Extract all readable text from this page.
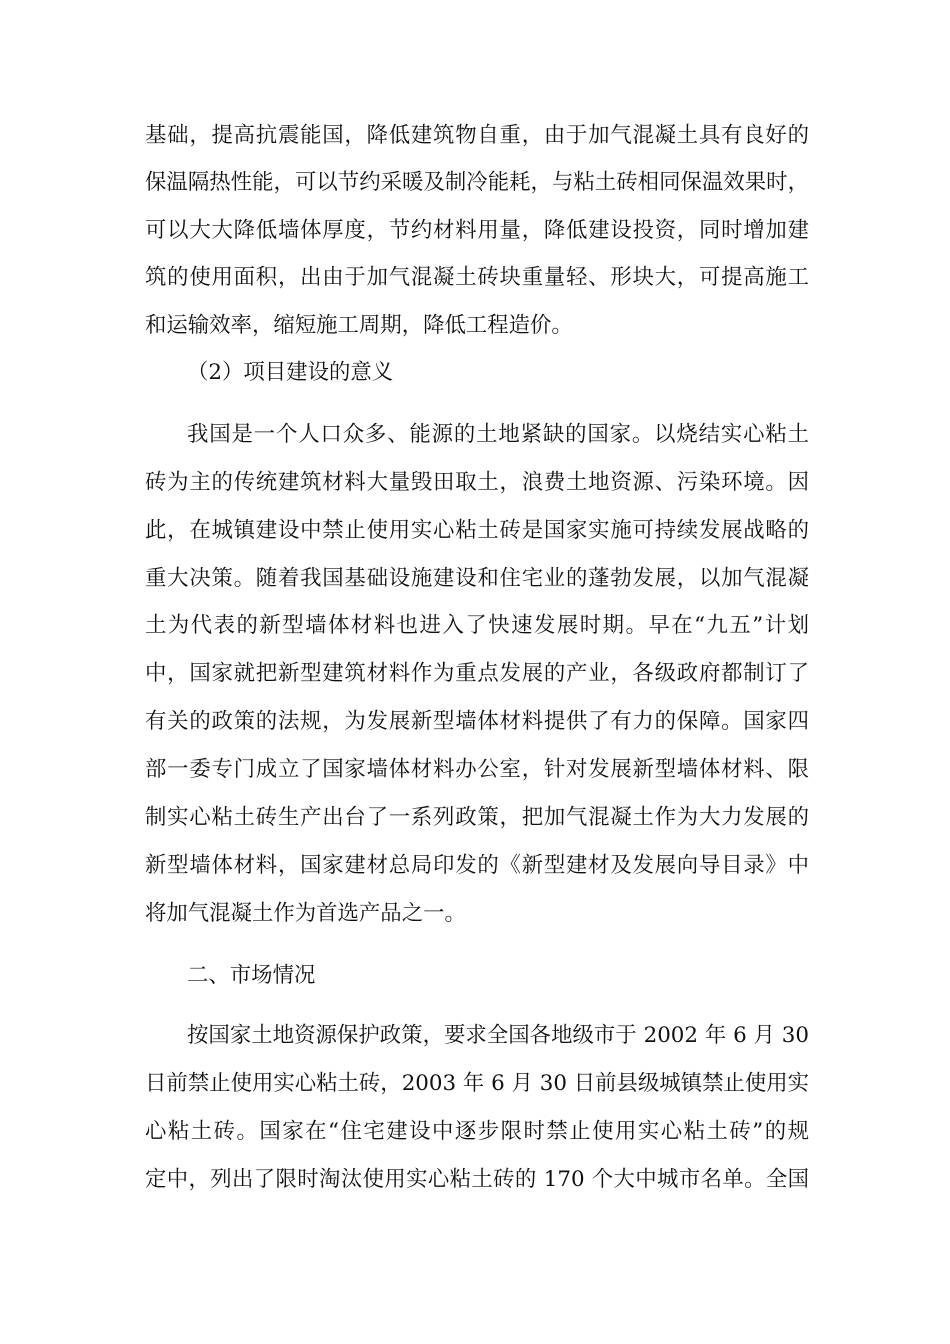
基础，提高抗震能国，降低建筑物自重，由于加气混凝土具有良好的
保温隔热性能，可以节约采暖及制冷能耗，与粘土砖相同保温效果时，
可以大大降低墙体厚度，节约材料用量，降低建设投资，同时增加建
筑的使用面积，出由于加气混凝土砖块重量轻、形块大，可提高施工
和运输效率，缩短施工周期，降低工程造价。
（2）项目建设的意义
我国是一个人口众多、能源的土地紧缺的国家。以烧结实心粘土
砖为主的传统建筑材料大量毁田取土，浪费土地资源、污染环境。因
此，在城镇建设中禁止使用实心粘土砖是国家实施可持续发展战略的
重大决策。随着我国基础设施建设和住宅业的蓬勃发展，以加气混凝
土为代表的新型墙体材料也进入了快速发展时期。早在“九五”计划
中，国家就把新型建筑材料作为重点发展的产业，各级政府都制订了
有关的政策的法规，为发展新型墙体材料提供了有力的保障。国家四
部一委专门成立了国家墙体材料办公室，针对发展新型墙体材料、限
制实心粘土砖生产出台了一系列政策，把加气混凝土作为大力发展的
新型墙体材料，国家建材总局印发的《新型建材及发展向导目录》中
将加气混凝土作为首选产品之一。
二、市场情况
按国家土地资源保护政策，要求全国各地级市于 2002 年 6 月 30
日前禁止使用实心粘土砖，2003 年 6 月 30 日前县级城镇禁止使用实
心粘土砖。国家在“住宅建设中逐步限时禁止使用实心粘土砖”的规
定中，列出了限时淘汰使用实心粘土砖的 170 个大中城市名单。全国
